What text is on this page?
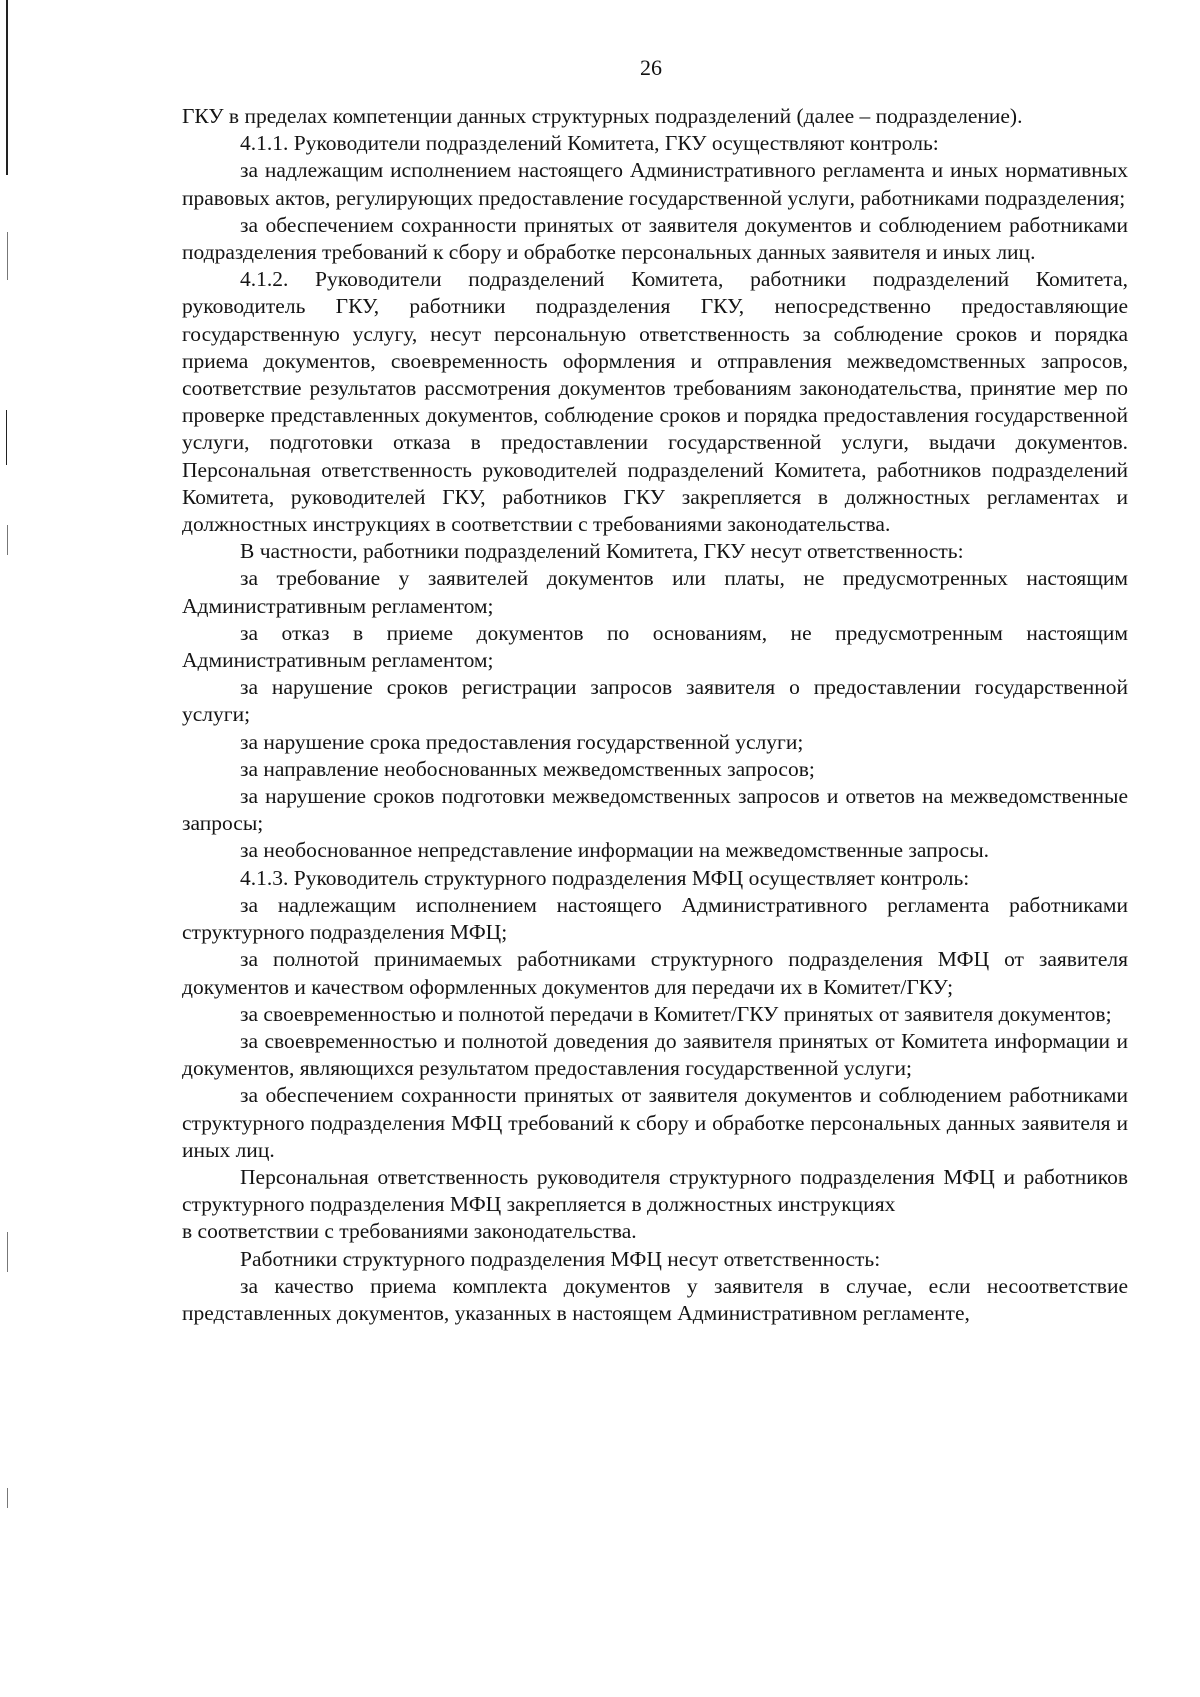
26

ГКУ в пределах компетенции данных структурных подразделений (далее – подразделение).

4.1.1. Руководители подразделений Комитета, ГКУ осуществляют контроль:

за надлежащим исполнением настоящего Административного регламента и иных нормативных правовых актов, регулирующих предоставление государственной услуги, работниками подразделения;

за обеспечением сохранности принятых от заявителя документов и соблюдением работниками подразделения требований к сбору и обработке персональных данных заявителя и иных лиц.

4.1.2. Руководители подразделений Комитета, работники подразделений Комитета, руководитель ГКУ, работники подразделения ГКУ, непосредственно предоставляющие государственную услугу, несут персональную ответственность за соблюдение сроков и порядка приема документов, своевременность оформления и отправления межведомственных запросов, соответствие результатов рассмотрения документов требованиям законодательства, принятие мер по проверке представленных документов, соблюдение сроков и порядка предоставления государственной услуги, подготовки отказа в предоставлении государственной услуги, выдачи документов. Персональная ответственность руководителей подразделений Комитета, работников подразделений Комитета, руководителей ГКУ, работников ГКУ закрепляется в должностных регламентах и должностных инструкциях в соответствии с требованиями законодательства.

В частности, работники подразделений Комитета, ГКУ несут ответственность:

за требование у заявителей документов или платы, не предусмотренных настоящим Административным регламентом;

за отказ в приеме документов по основаниям, не предусмотренным настоящим Административным регламентом;

за нарушение сроков регистрации запросов заявителя о предоставлении государственной услуги;

за нарушение срока предоставления государственной услуги;

за направление необоснованных межведомственных запросов;

за нарушение сроков подготовки межведомственных запросов и ответов на межведомственные запросы;

за необоснованное непредставление информации на межведомственные запросы.

4.1.3. Руководитель структурного подразделения МФЦ осуществляет контроль:

за надлежащим исполнением настоящего Административного регламента работниками структурного подразделения МФЦ;

за полнотой принимаемых работниками структурного подразделения МФЦ от заявителя документов и качеством оформленных документов для передачи их в Комитет/ГКУ;

за своевременностью и полнотой передачи в Комитет/ГКУ принятых от заявителя документов;

за своевременностью и полнотой доведения до заявителя принятых от Комитета информации и документов, являющихся результатом предоставления государственной услуги;

за обеспечением сохранности принятых от заявителя документов и соблюдением работниками структурного подразделения МФЦ требований к сбору и обработке персональных данных заявителя и иных лиц.

Персональная ответственность руководителя структурного подразделения МФЦ и работников структурного подразделения МФЦ закрепляется в должностных инструкциях

в соответствии с требованиями законодательства.

Работники структурного подразделения МФЦ несут ответственность:

за качество приема комплекта документов у заявителя в случае, если несоответствие представленных документов, указанных в настоящем Административном регламенте,
